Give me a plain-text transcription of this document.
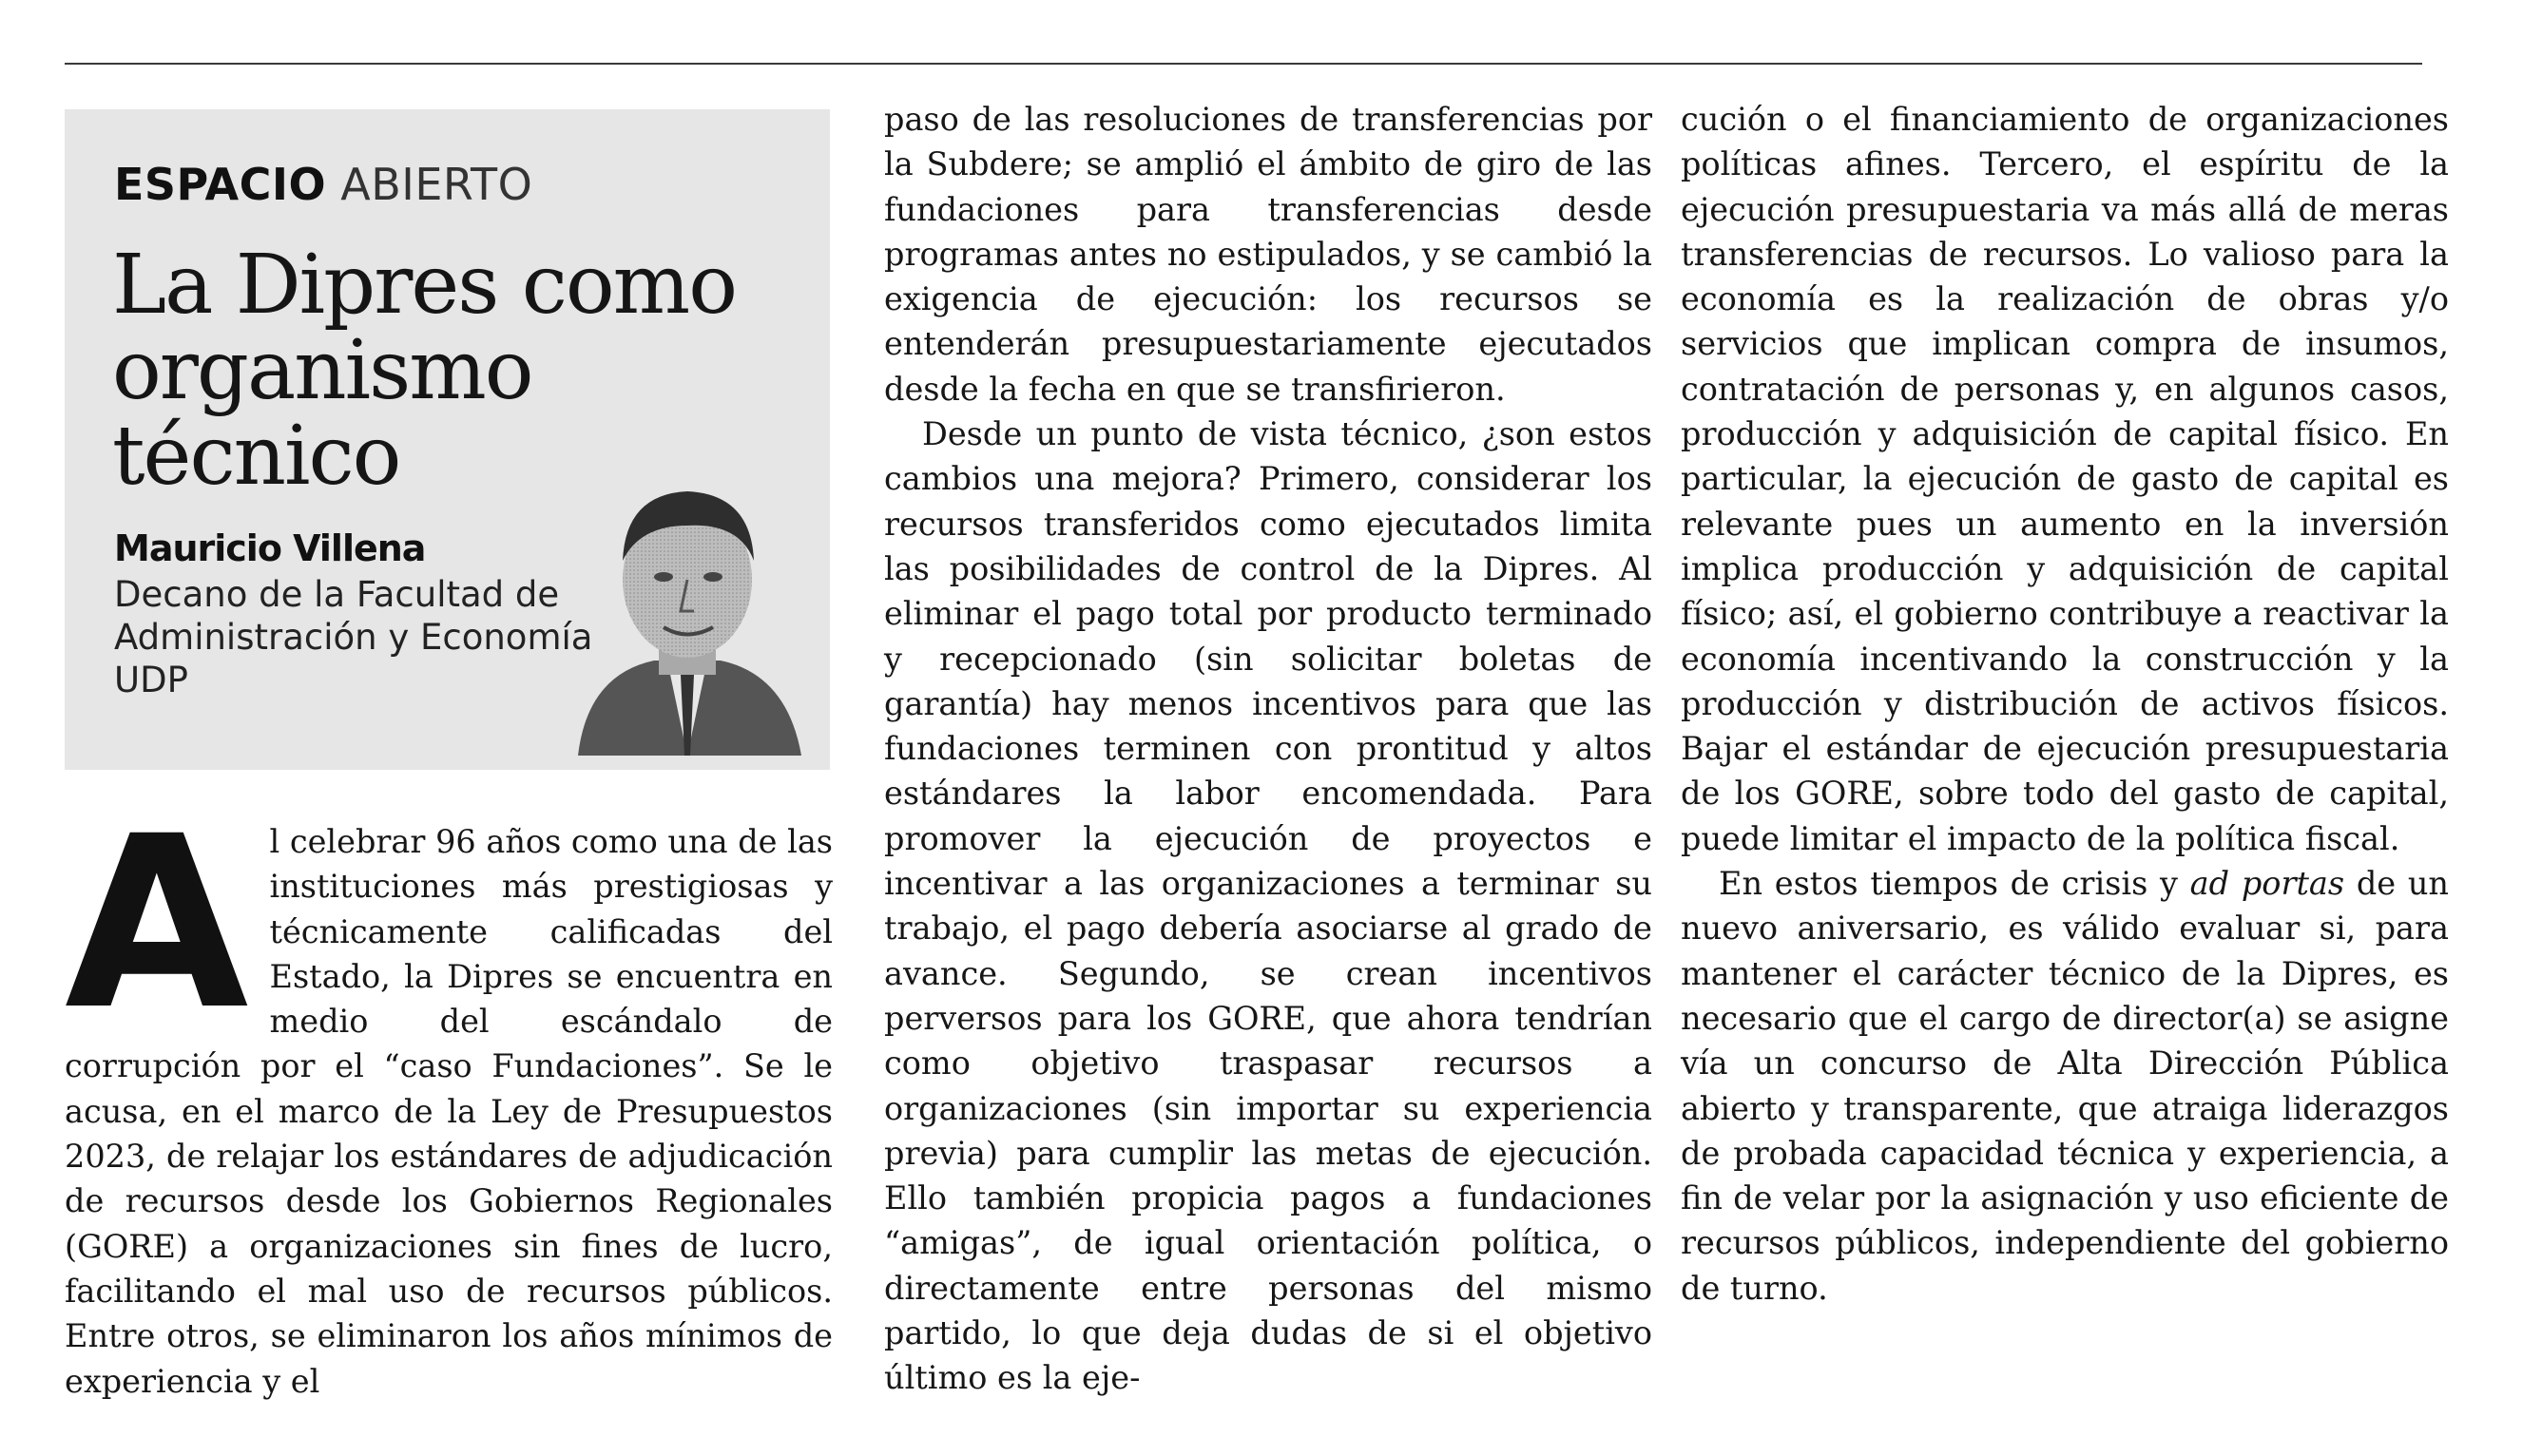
ESPACIO ABIERTO
La Dipres como organismo técnico
Mauricio Villena

Decano de la Facultad de Administración y Economía UDP

Al celebrar 96 años como una de las instituciones más prestigiosas y técnicamente calificadas del Estado, la Dipres se encuentra en medio del escándalo de corrupción por el “caso Fundaciones”. Se le acusa, en el marco de la Ley de Presupuestos 2023, de relajar los estándares de adjudicación de recursos desde los Gobiernos Regionales (GORE) a organizaciones sin fines de lucro, facilitando el mal uso de recursos públicos. Entre otros, se eliminaron los años mínimos de experiencia y el

paso de las resoluciones de transferencias por la Subdere; se amplió el ámbito de giro de las fundaciones para transferencias desde programas antes no estipulados, y se cambió la exigencia de ejecución: los recursos se entenderán presupuestariamente ejecutados desde la fecha en que se transfirieron.

Desde un punto de vista técnico, ¿son estos cambios una mejora? Primero, considerar los recursos transferidos como ejecutados limita las posibilidades de control de la Dipres. Al eliminar el pago total por producto terminado y recepcionado (sin solicitar boletas de garantía) hay menos incentivos para que las fundaciones terminen con prontitud y altos estándares la labor encomendada. Para promover la ejecución de proyectos e incentivar a las organizaciones a terminar su trabajo, el pago debería asociarse al grado de avance. Segundo, se crean incentivos perversos para los GORE, que ahora tendrían como objetivo traspasar recursos a organizaciones (sin importar su experiencia previa) para cumplir las metas de ejecución. Ello también propicia pagos a fundaciones “amigas”, de igual orientación política, o directamente entre personas del mismo partido, lo que deja dudas de si el objetivo último es la eje-

cución o el financiamiento de organizaciones políticas afines. Tercero, el espíritu de la ejecución presupuestaria va más allá de meras transferencias de recursos. Lo valioso para la economía es la realización de obras y/o servicios que implican compra de insumos, contratación de personas y, en algunos casos, producción y adquisición de capital físico. En particular, la ejecución de gasto de capital es relevante pues un aumento en la inversión implica producción y adquisición de capital físico; así, el gobierno contribuye a reactivar la economía incentivando la construcción y la producción y distribución de activos físicos. Bajar el estándar de ejecución presupuestaria de los GORE, sobre todo del gasto de capital, puede limitar el impacto de la política fiscal.

En estos tiempos de crisis y ad portas de un nuevo aniversario, es válido evaluar si, para mantener el carácter técnico de la Dipres, es necesario que el cargo de director(a) se asigne vía un concurso de Alta Dirección Pública abierto y transparente, que atraiga liderazgos de probada capacidad técnica y experiencia, a fin de velar por la asignación y uso eficiente de recursos públicos, independiente del gobierno de turno.
